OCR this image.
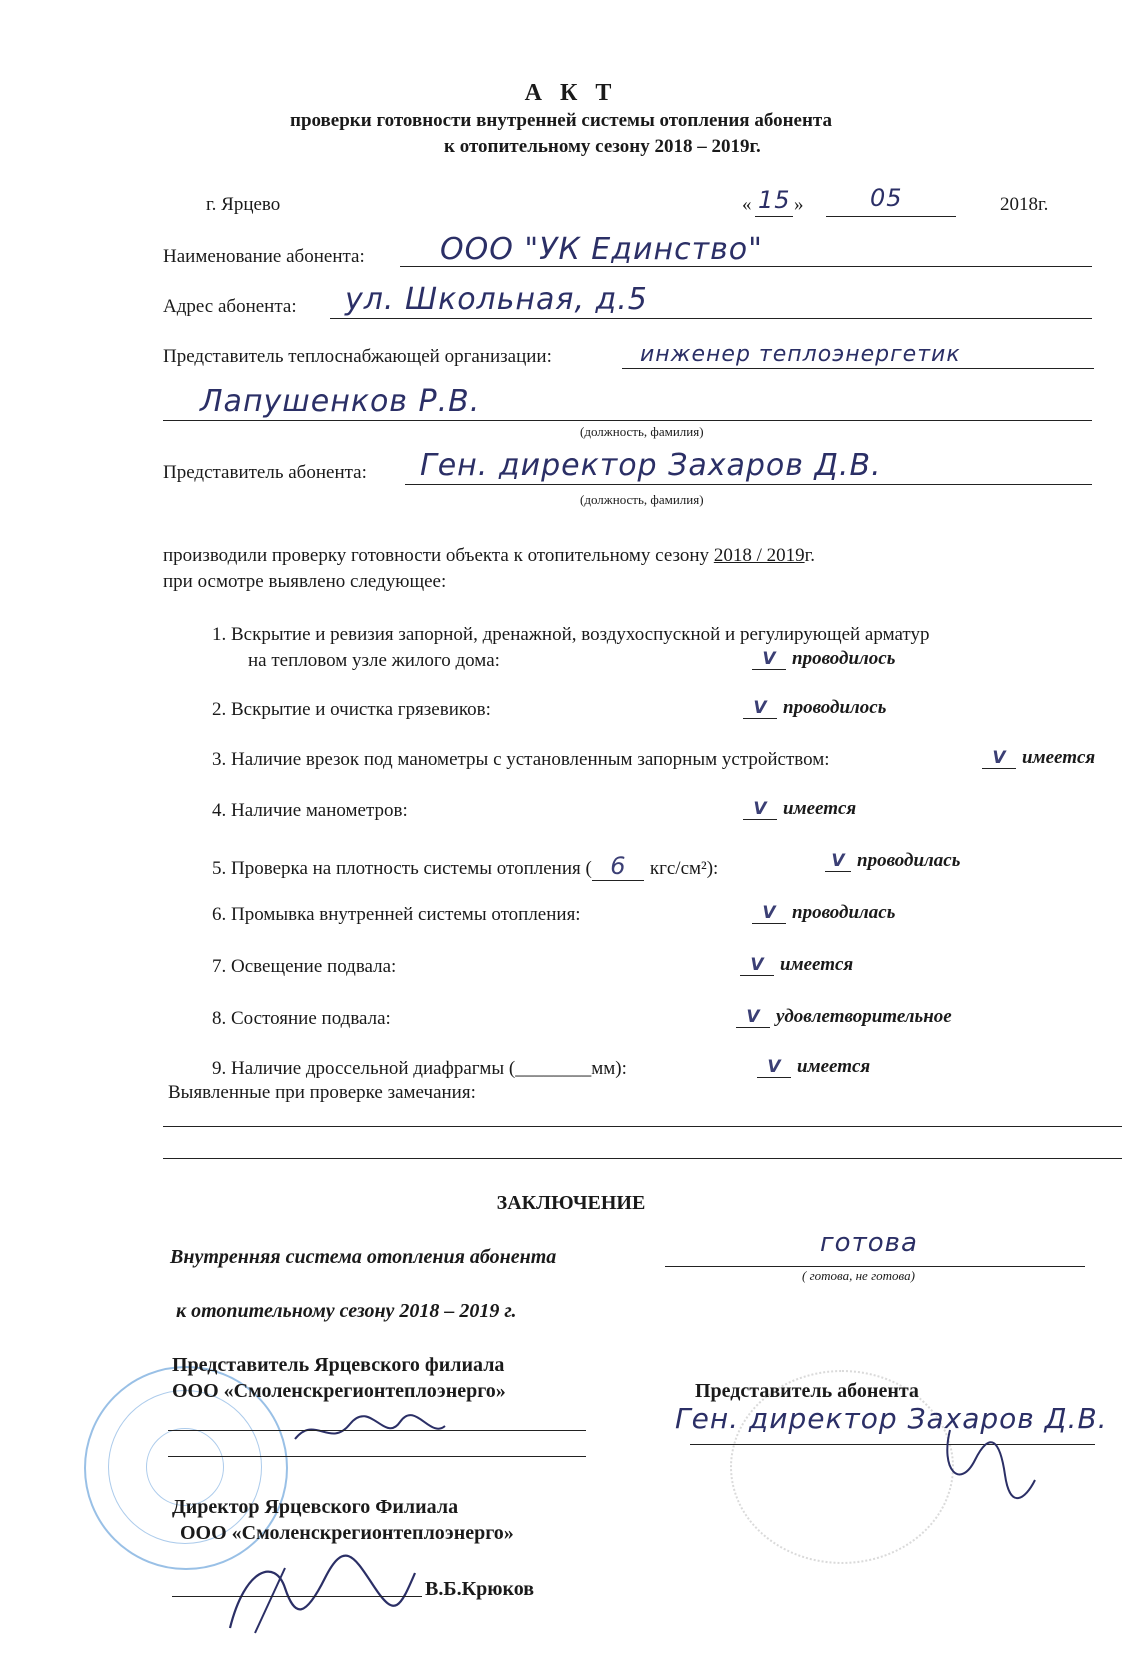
А К Т
проверки готовности внутренней системы отопления абонента
к отопительному сезону 2018 – 2019г.
г. Ярцево	« 15 »	05	2018г.
Наименование абонента:	ООО "УК Единство"
Адрес абонента: ул. Школьная, д.5
Представитель теплоснабжающей организации:	инженер теплоэнергетик
Лапушенков Р.В.
(должность, фамилия)
Представитель абонента: Ген. директор Захаров Д.В.
(должность, фамилия)
производили проверку готовности объекта к отопительному сезону 2018 / 2019г.
при осмотре выявлено следующее:
1. Вскрытие и ревизия запорной, дренажной, воздухоспускной и регулирующей арматур
на тепловом узле жилого дома:	V проводилось
2. Вскрытие и очистка грязевиков:	V проводилось
3. Наличие врезок под манометры с установленным запорным устройством:	V имеется
4. Наличие манометров:	V имеется
5. Проверка на плотность системы отопления ( 6 кгс/см²):	V проводилась
6. Промывка внутренней системы отопления:	V проводилась
7. Освещение подвала:	V имеется
8. Состояние подвала:	V удовлетворительное
9. Наличие дроссельной диафрагмы (________мм):	V имеется
Выявленные при проверке замечания:
ЗАКЛЮЧЕНИЕ
Внутренняя система отопления абонента	готова
( готова, не готова)
к отопительному сезону 2018 – 2019 г.
Представитель Ярцевского филиала
ООО «Смоленскрегионтеплоэнерго»
Директор Ярцевского Филиала
ООО «Смоленскрегионтеплоэнерго»
В.Б.Крюков
Представитель абонента
Ген. директор Захаров Д.В.
